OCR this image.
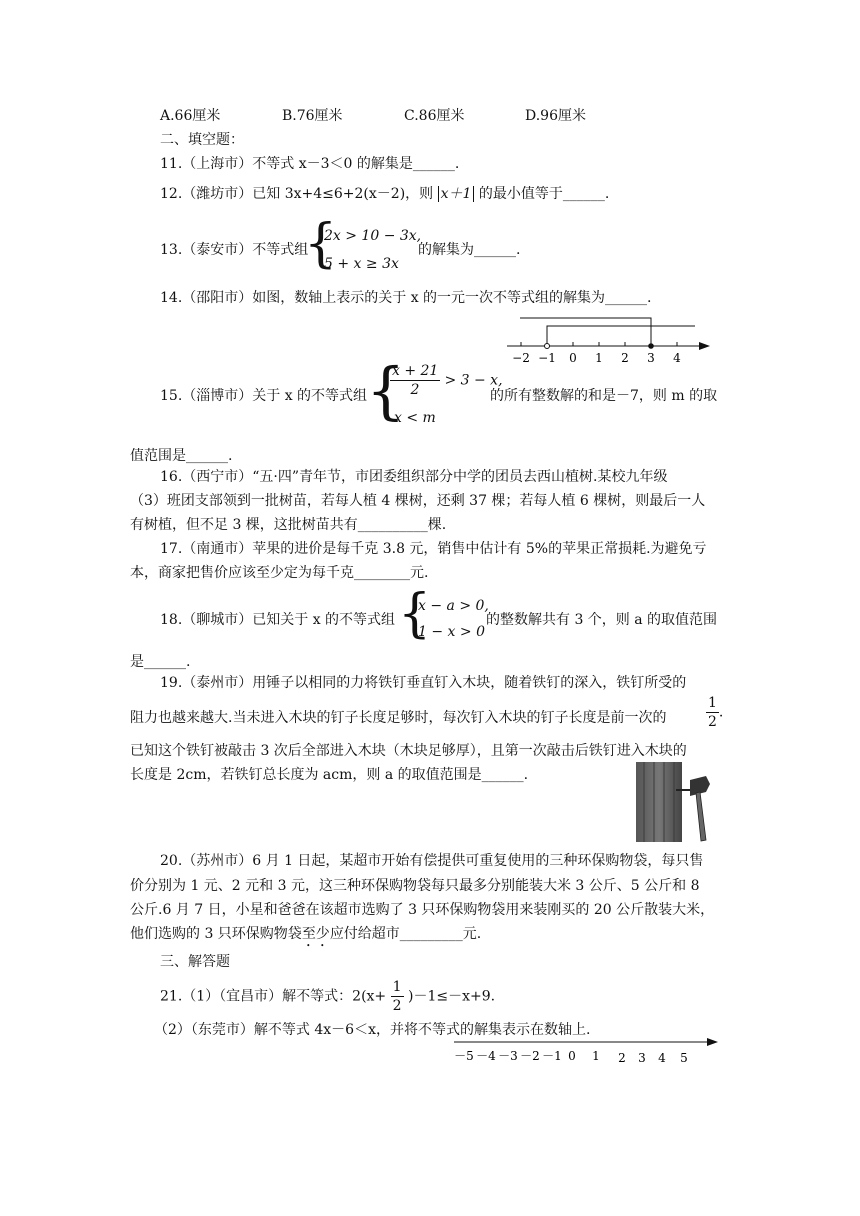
A.66厘米	B.76厘米	C.86厘米	D.96厘米
二、填空题：
11.（上海市）不等式 x－3＜0 的解集是______.
12.（潍坊市）已知 3x+4≤6+2(x－2)，则 x＋1 的最小值等于______.
13.（泰安市）不等式组
{
2x > 10 − 3x,
5 + x ≥ 3x
的解集为______.
14.（邵阳市）如图，数轴上表示的关于 x 的一元一次不等式组的解集为______.
−2 −1 0 1 2 3 4
15.（淄博市）关于 x 的不等式组
{
$\frac{x + 21}{2} > 3 - x$,
x < m
的所有整数解的和是－7，则 m 的取
值范围是______.
16.（西宁市）“五·四”青年节，市团委组织部分中学的团员去西山植树.某校九年级
（3）班团支部领到一批树苗，若每人植 4 棵树，还剩 37 棵；若每人植 6 棵树，则最后一人
有树植，但不足 3 棵，这批树苗共有__________棵.
17.（南通市）苹果的进价是每千克 3.8 元，销售中估计有 5%的苹果正常损耗.为避免亏
本，商家把售价应该至少定为每千克________元.
18.（聊城市）已知关于 x 的不等式组 {
x − a > 0,
1 − x > 0
的整数解共有 3 个，则 a 的取值范围
是______.
19.（泰州市）用锤子以相同的力将铁钉垂直钉入木块，随着铁钉的深入，铁钉所受的
阻力也越来越大.当未进入木块的钉子长度足够时，每次钉入木块的钉子长度是前一次的	$\frac{1}{2}$ .
已知这个铁钉被敲击 3 次后全部进入木块（木块足够厚），且第一次敲击后铁钉进入木块的
长度是 2cm，若铁钉总长度为 acm，则 a 的取值范围是______.
20.（苏州市）6 月 1 日起，某超市开始有偿提供可重复使用的三种环保购物袋，每只售
价分别为 1 元、2 元和 3 元，这三种环保购物袋每只最多分别能装大米 3 公斤、5 公斤和 8
公斤.6 月 7 日，小星和爸爸在该超市选购了 3 只环保购物袋用来装刚买的 20 公斤散装大米，
他们选购的 3 只环保购物袋至少应付给超市_________元.
三、解答题
21.（1）（宜昌市）解不等式：$2(x+ \frac{1}{2} )-1\le-x+9$.
（2）（东莞市）解不等式 4x－6＜x，并将不等式的解集表示在数轴上.
－5 －4 －3 －2 －1 0 1 2 3 4 5
